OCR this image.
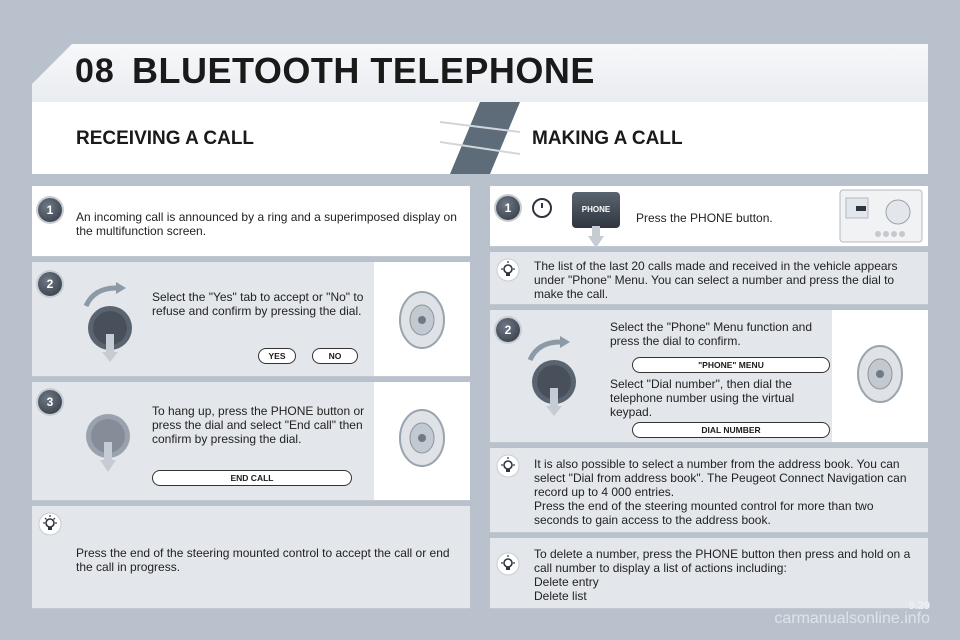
08 BLUETOOTH TELEPHONE
RECEIVING A CALL	MAKING A CALL
1	An incoming call is announced by a ring and a superimposed display on the multifunction screen.
2
Select the "Yes" tab to accept or "No" to refuse and confirm by pressing the dial.
YES	NO
3
To hang up, press the PHONE button or press the dial and select "End call" then confirm by pressing the dial.
END CALL
Press the end of the steering mounted control to accept the call or end the call in progress.
1	PHONE
Press the PHONE button.
The list of the last 20 calls made and received in the vehicle appears under "Phone" Menu. You can select a number and press the dial to make the call.
2	Select the "Phone" Menu function and press the dial to confirm.
"PHONE" MENU
Select "Dial number", then dial the telephone number using the virtual keypad.
DIAL NUMBER
It is also possible to select a number from the address book. You can select "Dial from address book". The Peugeot Connect Navigation can record up to 4 000 entries.
Press the end of the steering mounted control for more than two seconds to gain access to the address book.
To delete a number, press the PHONE button then press and hold on a call number to display a list of actions including:
Delete entry
Delete list
carmanualsonline.info
9.29
